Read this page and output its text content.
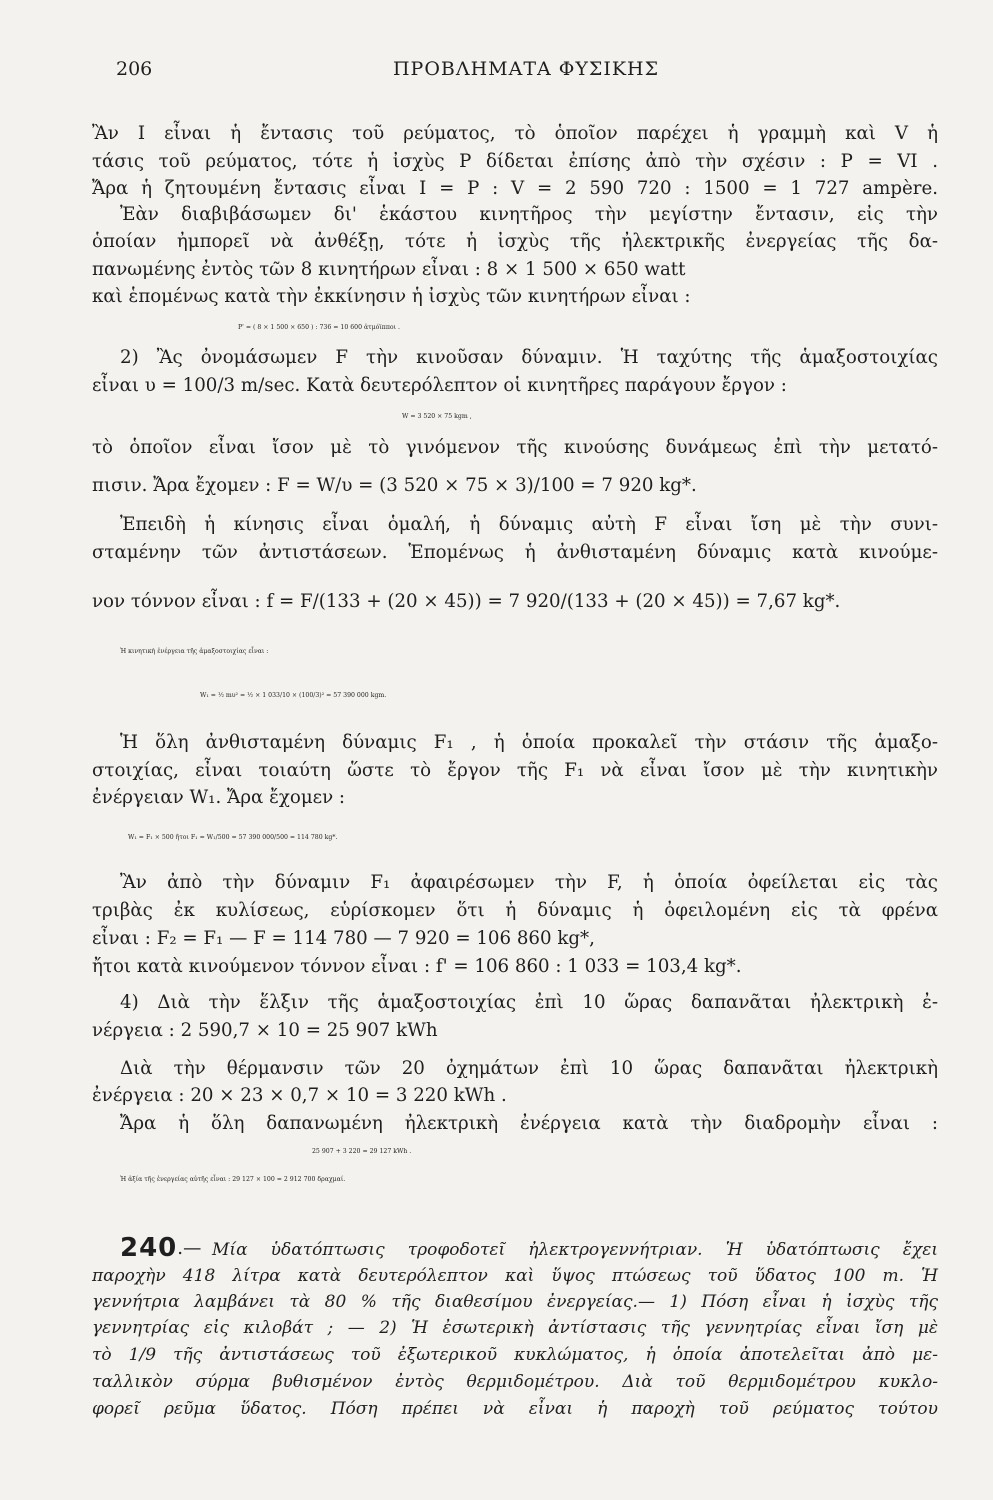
206	ΠΡΟΒΛΗΜΑΤΑ ΦΥΣΙΚΗΣ
Ἂν I εἶναι ἡ ἔντασις τοῦ ρεύματος, τὸ ὁποῖον παρέχει ἡ γραμμὴ καὶ V ἡ
τάσις τοῦ ρεύματος, τότε ἡ ἰσχὺς P δίδεται ἐπίσης ἀπὸ τὴν σχέσιν : P = VI .
Ἄρα ἡ ζητουμένη ἔντασις εἶναι I = P : V = 2 590 720 : 1500 = 1 727 ampère.
Ἐὰν διαβιβάσωμεν δι' ἑκάστου κινητῆρος τὴν μεγίστην ἔντασιν, εἰς τὴν
ὁποίαν ἠμπορεῖ νὰ ἀνθέξῃ, τότε ἡ ἰσχὺς τῆς ἠλεκτρικῆς ἐνεργείας τῆς δα-
πανωμένης ἐντὸς τῶν 8 κινητήρων εἶναι : 8 × 1 500 × 650 watt
καὶ ἑπομένως κατὰ τὴν ἐκκίνησιν ἡ ἰσχὺς τῶν κινητήρων εἶναι :
P' = ( 8 × 1 500 × 650 ) : 736 = 10 600 ἀτμόϊπποι .
2) Ἂς ὀνομάσωμεν F τὴν κινοῦσαν δύναμιν. Ἡ ταχύτης τῆς ἁμαξοστοιχίας
εἶναι υ = 100/3 m/sec. Κατὰ δευτερόλεπτον οἱ κινητῆρες παράγουν ἔργον :
W = 3 520 × 75 kgm ,
τὸ ὁποῖον εἶναι ἴσον μὲ τὸ γινόμενον τῆς κινούσης δυνάμεως ἐπὶ τὴν μετατό-
πισιν. Ἄρα ἔχομεν : F = W/υ = (3 520 × 75 × 3)/100 = 7 920 kg*.
Ἐπειδὴ ἡ κίνησις εἶναι ὁμαλή, ἡ δύναμις αὐτὴ F εἶναι ἴση μὲ τὴν συνι-
σταμένην τῶν ἀντιστάσεων. Ἑπομένως ἡ ἀνθισταμένη δύναμις κατὰ κινούμε-
νον τόννον εἶναι : f = F/(133 + (20 × 45)) = 7 920/(133 + (20 × 45)) = 7,67 kg*.
Ἡ κινητικὴ ἐνέργεια τῆς ἁμαξοστοιχίας εἶναι :
W₁ = ½ mυ² = ½ × 1 033/10 × (100/3)² = 57 390 000 kgm.
Ἡ ὅλη ἀνθισταμένη δύναμις F₁ , ἡ ὁποία προκαλεῖ τὴν στάσιν τῆς ἁμαξο-
στοιχίας, εἶναι τοιαύτη ὥστε τὸ ἔργον τῆς F₁ νὰ εἶναι ἴσον μὲ τὴν κινητικὴν
ἐνέργειαν W₁. Ἄρα ἔχομεν :
W₁ = F₁ × 500 ἤτοι F₁ = W₁/500 = 57 390 000/500 = 114 780 kg*.
Ἂν ἀπὸ τὴν δύναμιν F₁ ἀφαιρέσωμεν τὴν F, ἡ ὁποία ὀφείλεται εἰς τὰς
τριβὰς ἐκ κυλίσεως, εὑρίσκομεν ὅτι ἡ δύναμις ἡ ὀφειλομένη εἰς τὰ φρένα
εἶναι : F₂ = F₁ — F = 114 780 — 7 920 = 106 860 kg*,
ἤτοι κατὰ κινούμενον τόννον εἶναι : f' = 106 860 : 1 033 = 103,4 kg*.
4) Διὰ τὴν ἕλξιν τῆς ἁμαξοστοιχίας ἐπὶ 10 ὥρας δαπανᾶται ἠλεκτρικὴ ἐ-
νέργεια : 2 590,7 × 10 = 25 907 kWh
Διὰ τὴν θέρμανσιν τῶν 20 ὀχημάτων ἐπὶ 10 ὥρας δαπανᾶται ἠλεκτρικὴ
ἐνέργεια : 20 × 23 × 0,7 × 10 = 3 220 kWh .
Ἄρα ἡ ὅλη δαπανωμένη ἠλεκτρικὴ ἐνέργεια κατὰ τὴν διαδρομὴν εἶναι :
25 907 + 3 220 = 29 127 kWh .
Ἡ ἀξία τῆς ἐνεργείας αὐτῆς εἶναι : 29 127 × 100 = 2 912 700 δραχμαί.
240.— Μία ὑδατόπτωσις τροφοδοτεῖ ἠλεκτρογεννήτριαν. Ἡ ὑδατόπτωσις ἔχει
παροχὴν 418 λίτρα κατὰ δευτερόλεπτον καὶ ὕψος πτώσεως τοῦ ὕδατος 100 m. Ἡ
γεννήτρια λαμβάνει τὰ 80 % τῆς διαθεσίμου ἐνεργείας.— 1) Πόση εἶναι ἡ ἰσχὺς τῆς
γεννητρίας εἰς κιλοβάτ ; — 2) Ἡ ἐσωτερικὴ ἀντίστασις τῆς γεννητρίας εἶναι ἴση μὲ
τὸ 1/9 τῆς ἀντιστάσεως τοῦ ἐξωτερικοῦ κυκλώματος, ἡ ὁποία ἀποτελεῖται ἀπὸ με-
ταλλικὸν σύρμα βυθισμένον ἐντὸς θερμιδομέτρου. Διὰ τοῦ θερμιδομέτρου κυκλο-
φορεῖ ρεῦμα ὕδατος. Πόση πρέπει νὰ εἶναι ἡ παροχὴ τοῦ ρεύματος τούτου
